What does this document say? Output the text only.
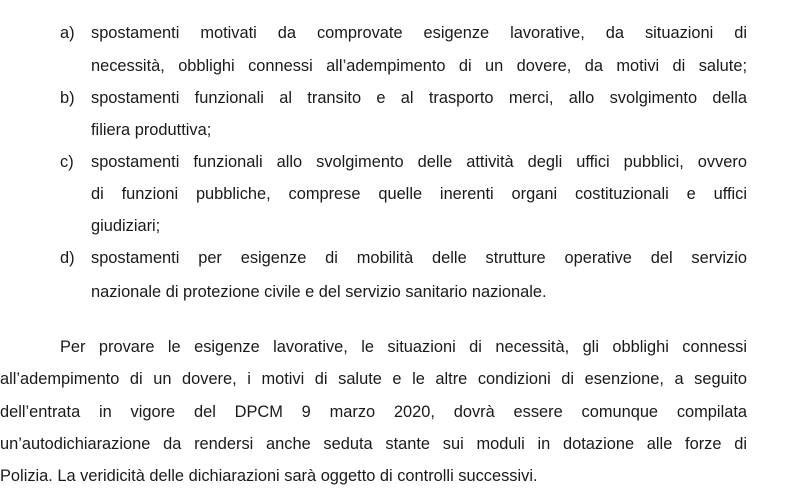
a) spostamenti motivati da comprovate esigenze lavorative, da situazioni di
necessità, obblighi connessi all’adempimento di un dovere, da motivi di salute;
b) spostamenti funzionali al transito e al trasporto merci, allo svolgimento della
filiera produttiva;
c) spostamenti funzionali allo svolgimento delle attività degli uffici pubblici, ovvero
di funzioni pubbliche, comprese quelle inerenti organi costituzionali e uffici
giudiziari;
d) spostamenti per esigenze di mobilità delle strutture operative del servizio
nazionale di protezione civile e del servizio sanitario nazionale.
Per provare le esigenze lavorative, le situazioni di necessità, gli obblighi connessi
all’adempimento di un dovere, i motivi di salute e le altre condizioni di esenzione, a seguito
dell’entrata in vigore del DPCM 9 marzo 2020, dovrà essere comunque compilata
un’autodichiarazione da rendersi anche seduta stante sui moduli in dotazione alle forze di
Polizia. La veridicità delle dichiarazioni sarà oggetto di controlli successivi.
